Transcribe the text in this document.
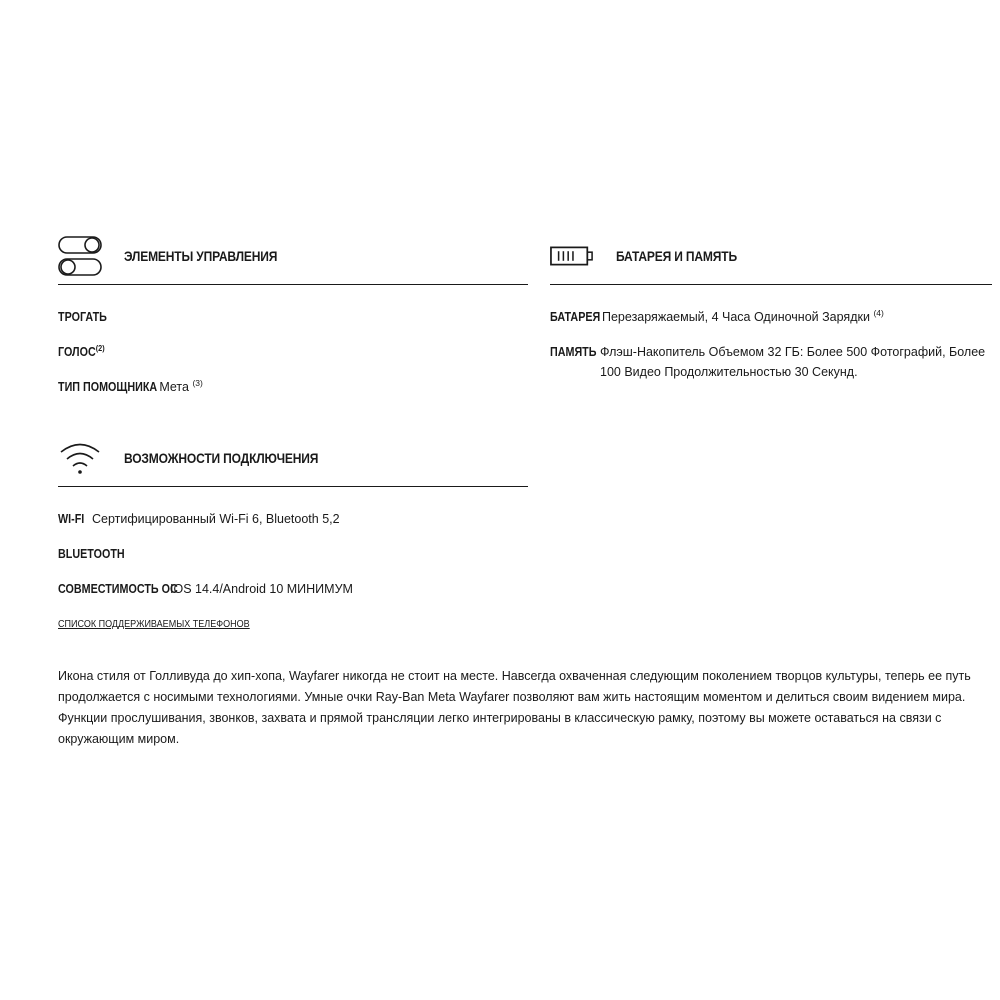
ЭЛЕМЕНТЫ УПРАВЛЕНИЯ
ТРОГАТЬ
ГОЛОС$^{(2)}$
ТИП ПОМОЩНИКА Мета $^{(3)}$
БАТАРЕЯ И ПАМЯТЬ
БАТАРЕЯ Перезаряжаемый, 4 Часа Одиночной Зарядки $^{(4)}$
ПАМЯТЬ Флэш-Накопитель Объемом 32 ГБ: Более 500 Фотографий, Более 100 Видео Продолжительностью 30 Секунд.
ВОЗМОЖНОСТИ ПОДКЛЮЧЕНИЯ
WI-FI Сертифицированный Wi-Fi 6, Bluetooth 5,2
BLUETOOTH
СОВМЕСТИМОСТЬ ОС
IOS 14.4/Android 10 МИНИМУМ
СПИСОК ПОДДЕРЖИВАЕМЫХ ТЕЛЕФОНОВ

Икона стиля от Голливуда до хип-хопа, Wayfarer никогда не стоит на месте. Навсегда охваченная следующим поколением творцов культуры, теперь ее путь продолжается с носимыми технологиями. Умные очки Ray-Ban Meta Wayfarer позволяют вам жить настоящим моментом и делиться своим видением мира. Функции прослушивания, звонков, захвата и прямой трансляции легко интегрированы в классическую рамку, поэтому вы можете оставаться на связи с окружающим миром.
